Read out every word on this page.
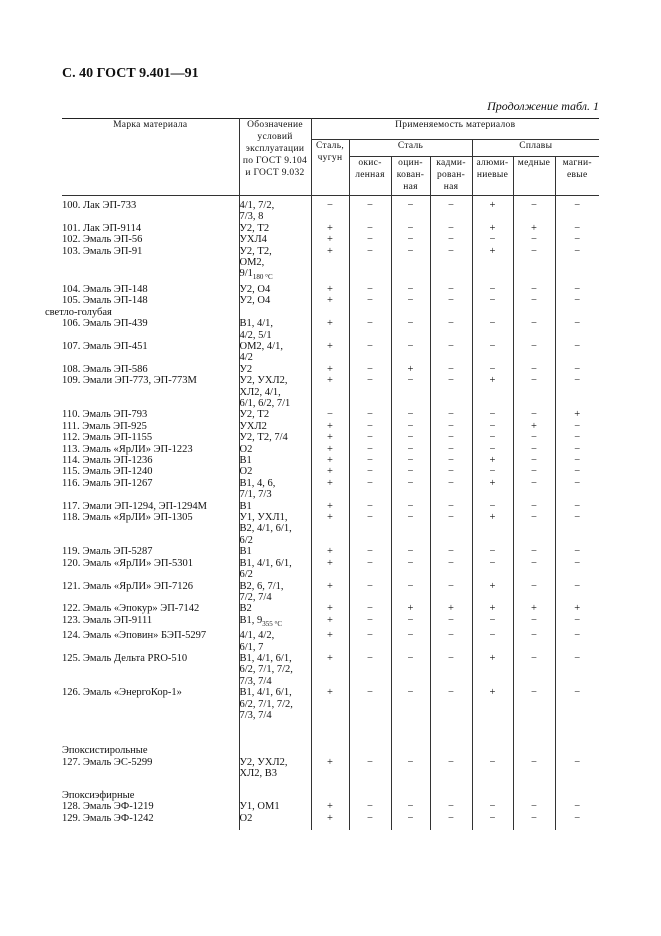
С. 40 ГОСТ 9.401—91
Продолжение табл. 1
Марка материала	Обозначение условий эксплуатации по ГОСТ 9.104 и ГОСТ 9.032	Применяемость материалов						
		Сталь, чугун	Сталь			Сплавы		
			окис-ленная	оцин-кован-ная	кадми-рован-ная	алюми-ниевые	медные	магни-евые

100. Лак ЭП-733	4/1, 7/2,
7/3, 8	−	−	−	−	+	−	−

101. Лак ЭП-9114	У2, Т2	+	−	−	−	+	+	−

102. Эмаль ЭП-56	УХЛ4	+	−	−	−	−	−	−

103. Эмаль ЭП-91	У2, Т2,
ОМ2,
$9/1_{180 ^\circ С}$	+	−	−	−	+	−	−

104. Эмаль ЭП-148	У2, О4	+	−	−	−	−	−	−

105. Эмаль ЭП-148
светло-голубая	У2, О4	+	−	−	−	−	−	−

106. Эмаль ЭП-439	В1, 4/1,
4/2, 5/1	+	−	−	−	−	−	−

107. Эмаль ЭП-451	ОМ2, 4/1,
4/2	+	−	−	−	−	−	−

108. Эмаль ЭП-586	У2	+	−	+	−	−	−	−

109. Эмали ЭП-773, ЭП-773М	У2, УХЛ2,
ХЛ2, 4/1,
6/1, 6/2, 7/1	+	−	−	−	+	−	−

110. Эмаль ЭП-793	У2, Т2	−	−	−	−	−	−	+

111. Эмаль ЭП-925	УХЛ2	+	−	−	−	−	+	−

112. Эмаль ЭП-1155	У2, Т2, 7/4	+	−	−	−	−	−	−

113. Эмаль «ЯрЛИ» ЭП-1223	О2	+	−	−	−	−	−	−

114. Эмаль ЭП-1236	В1	+	−	−	−	+	−	−

115. Эмаль ЭП-1240	О2	+	−	−	−	−	−	−

116. Эмаль ЭП-1267	В1, 4, 6,
7/1, 7/3	+	−	−	−	+	−	−

117. Эмали ЭП-1294, ЭП-1294М	В1	+	−	−	−	−	−	−

118. Эмаль «ЯрЛИ» ЭП-1305	У1, УХЛ1,
В2, 4/1, 6/1,
6/2	+	−	−	−	+	−	−

119. Эмаль ЭП-5287	В1	+	−	−	−	−	−	−

120. Эмаль «ЯрЛИ» ЭП-5301	В1, 4/1, 6/1,
6/2	+	−	−	−	−	−	−

121. Эмаль «ЯрЛИ» ЭП-7126	В2, 6, 7/1,
7/2, 7/4	+	−	−	−	+	−	−

122. Эмаль «Эпокур» ЭП-7142	В2	+	−	+	+	+	+	+

123. Эмаль ЭП-9111	В1, $9_{355 ^\circ С}$	+	−	−	−	−	−	−

124. Эмаль «Эповин» БЭП-5297	4/1, 4/2,
6/1, 7	+	−	−	−	−	−	−

125. Эмаль Дельта PRO-510	В1, 4/1, 6/1,
6/2, 7/1, 7/2,
7/3, 7/4	+	−	−	−	+	−	−

126. Эмаль «ЭнергоКор-1»	В1, 4/1, 6/1,
6/2, 7/1, 7/2,
7/3, 7/4	+	−	−	−	+	−	−

Эпоксистирольные								

127. Эмаль ЭС-5299	У2, УХЛ2,
ХЛ2, В3	+	−	−	−	−	−	−

Эпоксиэфирные								

128. Эмаль ЭФ-1219	У1, ОМ1	+	−	−	−	−	−	−

129. Эмаль ЭФ-1242	О2	+	−	−	−	−	−	−
